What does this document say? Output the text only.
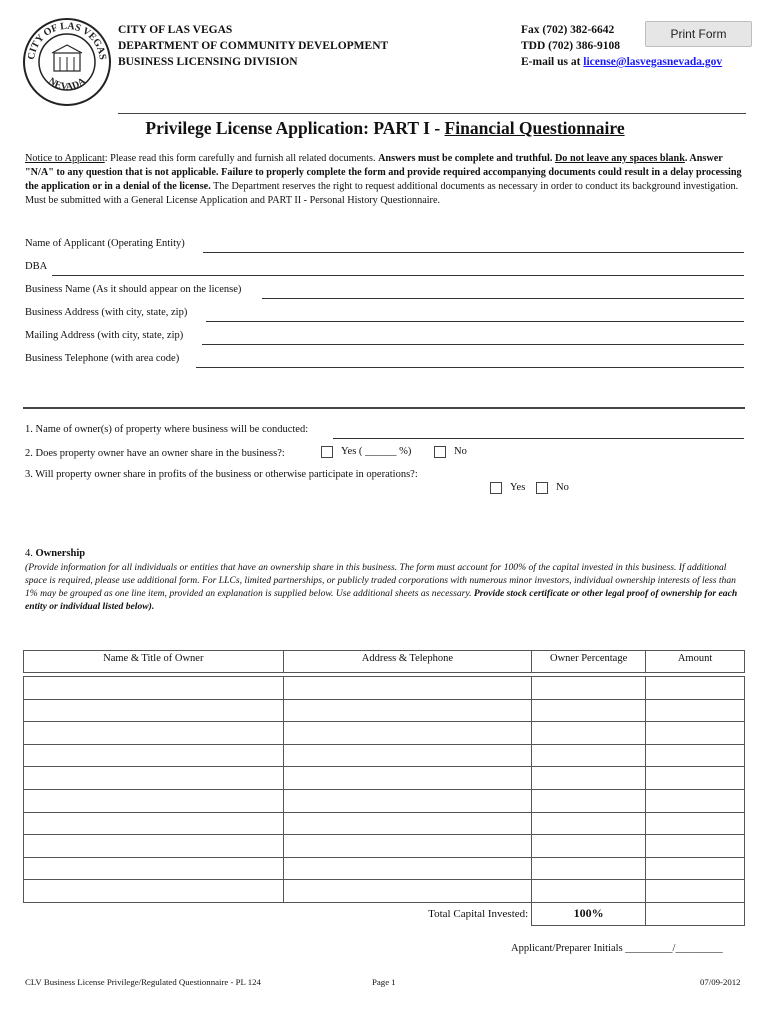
CITY OF LAS VEGAS
NEVADA
CITY OF LAS VEGAS
DEPARTMENT OF COMMUNITY DEVELOPMENT
BUSINESS LICENSING DIVISION
Fax (702) 382-6642
TDD (702) 386-9108
E-mail us at license@lasvegasnevada.gov
Print Form
Privilege License Application: PART I - Financial Questionnaire
Notice to Applicant: Please read this form carefully and furnish all related documents. Answers must be complete and truthful. Do not leave any spaces blank. Answer "N/A" to any question that is not applicable. Failure to properly complete the form and provide required accompanying documents could result in a delay processing the application or in a denial of the license. The Department reserves the right to request additional documents as necessary in order to conduct its background investigation. Must be submitted with a General License Application and PART II - Personal History Questionnaire.
Name of Applicant (Operating Entity)
DBA
Business Name (As it should appear on the license)
Business Address (with city, state, zip)
Mailing Address (with city, state, zip)
Business Telephone (with area code)
1. Name of owner(s) of property where business will be conducted:
2. Does property owner have an owner share in the business?:	Yes ( ______ %)	No
3. Will property owner share in profits of the business or otherwise participate in operations?:
Yes	No
4. Ownership
(Provide information for all individuals or entities that have an ownership share in this business. The form must account for 100% of the capital invested in this business. If additional space is required, please use additional form. For LLCs, limited partnerships, or publicly traded corporations with numerous minor investors, individual ownership interests of less than 1% may be grouped as one line item, provided an explanation is supplied below. Use additional sheets as necessary. Provide stock certificate or other legal proof of ownership for each entity or individual listed below).
Name & Title of Owner	Address & Telephone	Owner Percentage	Amount

Total Capital Invested:		100%	
Applicant/Preparer Initials _________/_________
CLV Business License Privilege/Regulated Questionnaire - PL 124	Page 1	07/09-2012
